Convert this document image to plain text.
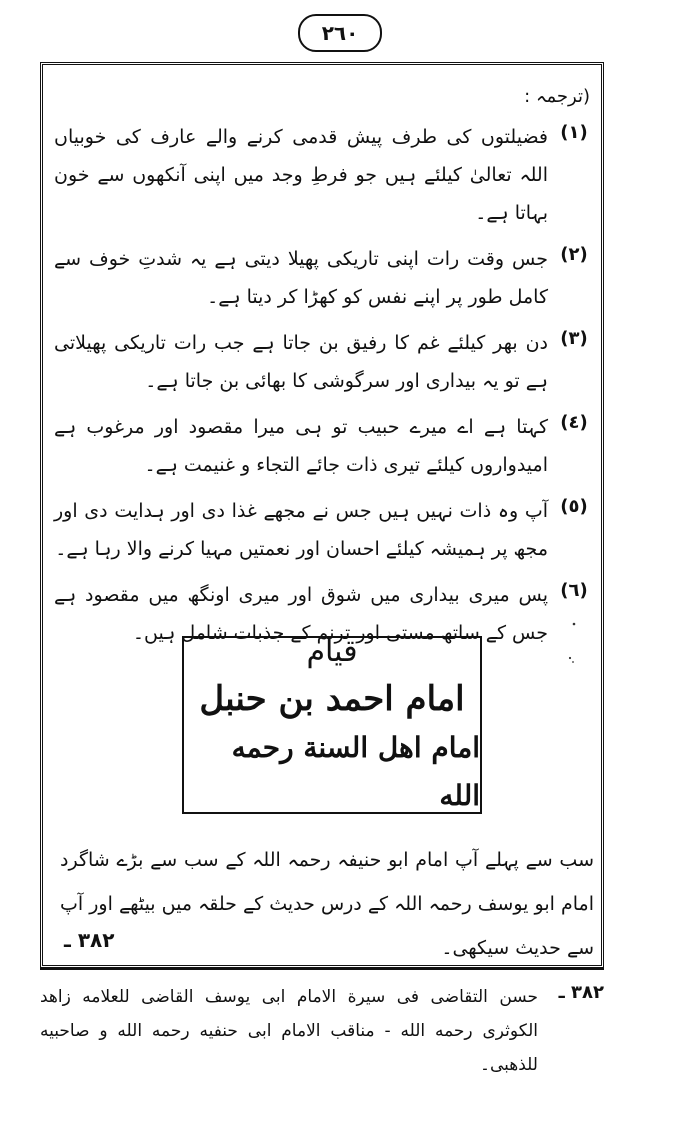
٢٦٠
(ترجمہ :
(١)
فضیلتوں کی طرف پیش قدمی کرنے والے عارف کی خوبیاں اللہ تعالیٰ کیلئے ہیں جو فرطِ وجد میں اپنی آنکھوں سے خون بہاتا ہے۔
(٢)
جس وقت رات اپنی تاریکی پھیلا دیتی ہے یہ شدتِ خوف سے کامل طور پر اپنے نفس کو کھڑا کر دیتا ہے۔
(٣)
دن بھر کیلئے غم کا رفیق بن جاتا ہے جب رات تاریکی پھیلاتی ہے تو یہ بیداری اور سرگوشی کا بھائی بن جاتا ہے۔
(٤)
کہتا ہے اے میرے حبیب تو ہی میرا مقصود اور مرغوب ہے امیدواروں کیلئے تیری ذات جائے التجاء و غنیمت ہے۔
(٥)
آپ وہ ذات نہیں ہیں جس نے مجھے غذا دی اور ہدایت دی اور مجھ پر ہمیشہ کیلئے احسان اور نعمتیں مہیا کرنے والا رہا ہے۔
(٦)
پس میری بیداری میں شوق اور میری اونگھ میں مقصود ہے جس کے ساتھ مستی اور ترنم کے جذبات شامل ہیں۔
قیام
امام احمد بن حنبل
امام اهل السنة رحمه الله
سب سے پہلے آپ امام ابو حنیفہ رحمہ اللہ کے سب سے بڑے شاگرد امام ابو یوسف رحمہ اللہ کے درس حدیث کے حلقہ میں بیٹھے اور آپ سے حدیث سیکھی۔
٣٨٢ ـ
٣٨٢ ـ
حسن التقاضی فی سیرة الامام ابی یوسف القاضی للعلامه زاهد الکوثری رحمه الله - مناقب الامام ابی حنفیه رحمه الله و صاحبیه للذهبی۔
